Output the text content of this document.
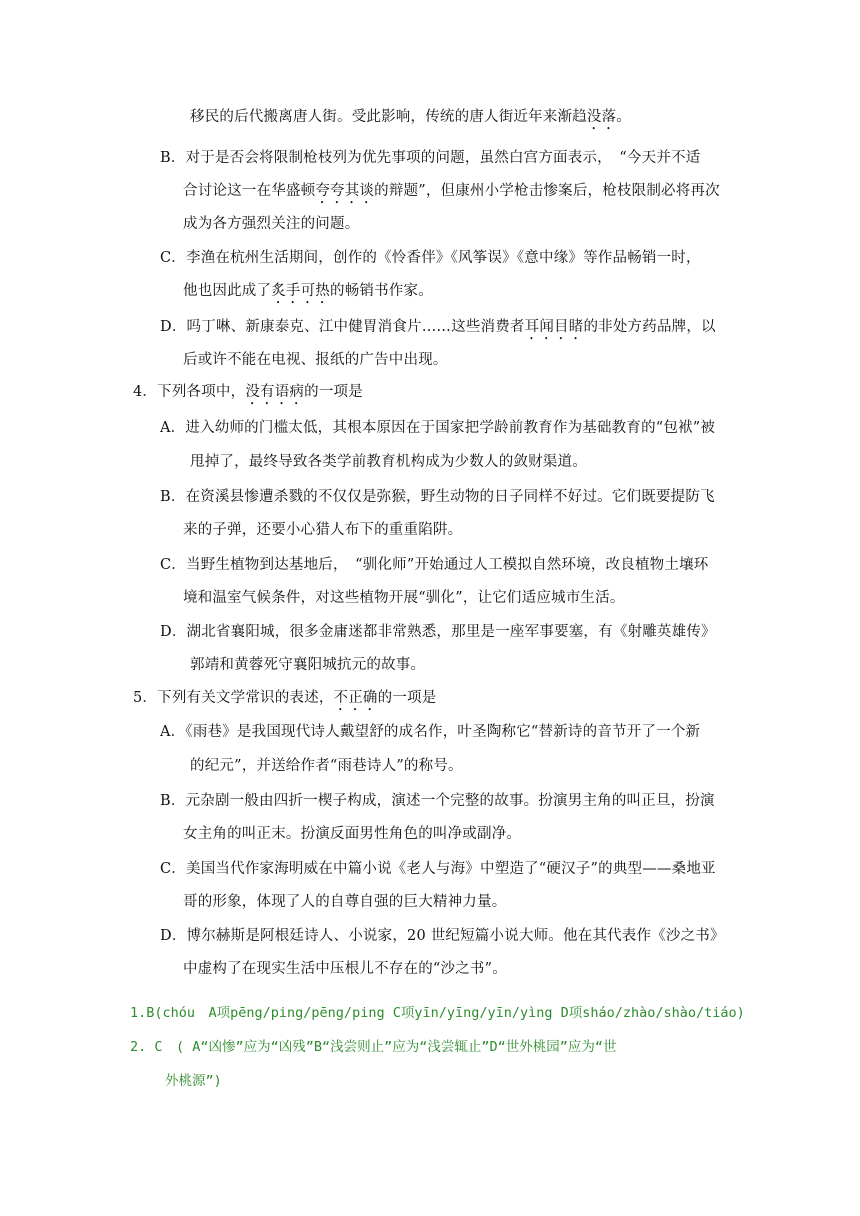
移民的后代搬离唐人街。受此影响，传统的唐人街近年来渐趋没落。
B．对于是否会将限制枪枝列为优先事项的问题，虽然白宫方面表示，　“今天并不适
合讨论这一在华盛顿夸夸其谈的辩题”，但康州小学枪击惨案后，枪枝限制必将再次
成为各方强烈关注的问题。
C．李渔在杭州生活期间，创作的《怜香伴》《风筝误》《意中缘》等作品畅销一时，
他也因此成了炙手可热的畅销书作家。
D．吗丁啉、新康泰克、江中健胃消食片……这些消费者耳闻目睹的非处方药品牌，以
后或许不能在电视、报纸的广告中出现。
4．下列各项中，没有语病的一项是
A．进入幼师的门槛太低，其根本原因在于国家把学龄前教育作为基础教育的“包袱”被
甩掉了，最终导致各类学前教育机构成为少数人的敛财渠道。
B．在资溪县惨遭杀戮的不仅仅是弥猴，野生动物的日子同样不好过。它们既要提防飞
来的子弹，还要小心猎人布下的重重陷阱。
C．当野生植物到达基地后，　“驯化师”开始通过人工模拟自然环境，改良植物土壤环
境和温室气候条件，对这些植物开展“驯化”，让它们适应城市生活。
D．湖北省襄阳城，很多金庸迷都非常熟悉，那里是一座军事要塞，有《射雕英雄传》
郭靖和黄蓉死守襄阳城抗元的故事。
5．下列有关文学常识的表述，不正确的一项是
A．《雨巷》是我国现代诗人戴望舒的成名作，叶圣陶称它“替新诗的音节开了一个新
的纪元”，并送给作者“雨巷诗人”的称号。
B．元杂剧一般由四折一楔子构成，演述一个完整的故事。扮演男主角的叫正旦，扮演
女主角的叫正末。扮演反面男性角色的叫净或副净。
C．美国当代作家海明威在中篇小说《老人与海》中塑造了“硬汉子”的典型——桑地亚
哥的形象，体现了人的自尊自强的巨大精神力量。
D．博尔赫斯是阿根廷诗人、小说家，20 世纪短篇小说大师。他在其代表作《沙之书》
中虚构了在现实生活中压根儿不存在的“沙之书”。
1.B(chóu　A项pēng/ping/pēng/ping C项yīn/yīng/yīn/yìng D项sháo/zhào/shào/tiáo)
2. C　( A“凶惨”应为“凶残”B“浅尝则止”应为“浅尝辄止”D“世外桃园”应为“世
外桃源”)
